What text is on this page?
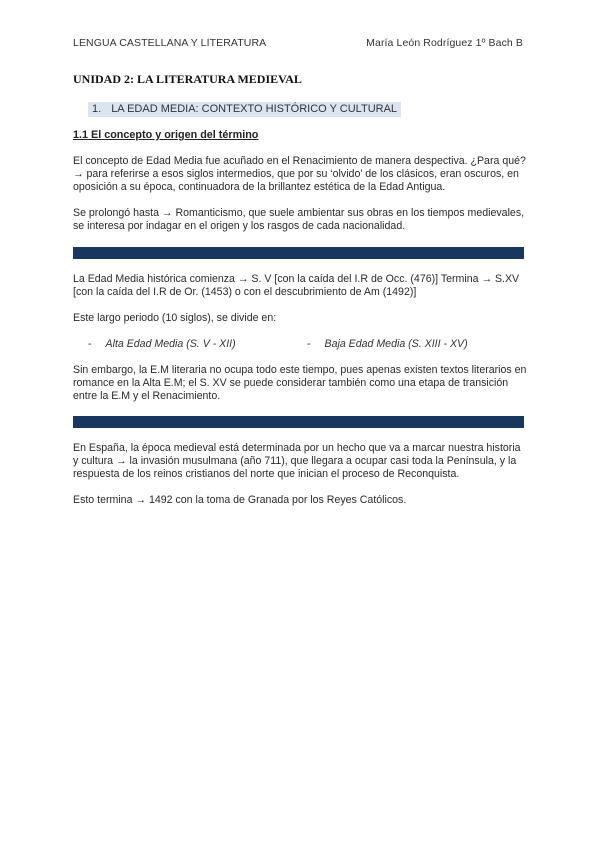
LENGUA CASTELLANA Y LITERATURA	María León Rodríguez 1º Bach B
UNIDAD 2: LA LITERATURA MEDIEVAL
1. LA EDAD MEDIA: CONTEXTO HISTÓRICO Y CULTURAL
1.1 El concepto y origen del término
El concepto de Edad Media fue acuñado en el Renacimiento de manera despectiva. ¿Para qué? → para referirse a esos siglos intermedios, que por su ‘olvido’ de los clásicos, eran oscuros, en oposición a su época, continuadora de la brillantez estética de la Edad Antigua.
Se prolongó hasta → Romanticismo, que suele ambientar sus obras en los tiempos medievales, se interesa por indagar en el origen y los rasgos de cada nacionalidad.
La Edad Media histórica comienza → S. V [con la caída del I.R de Occ. (476)] Termina → S.XV [con la caída del I.R de Or. (1453) o con el descubrimiento de Am (1492)]
Este largo periodo (10 siglos), se divide en:
- Alta Edad Media (S. V - XII)	- Baja Edad Media (S. XIII - XV)
Sin embargo, la E.M literaria no ocupa todo este tiempo, pues apenas existen textos literarios en romance en la Alta E.M; el S. XV se puede considerar también como una etapa de transición entre la E.M y el Renacimiento.
En España, la época medieval está determinada por un hecho que va a marcar nuestra historia y cultura → la invasión musulmana (año 711), que llegara a ocupar casi toda la Península, y la respuesta de los reinos cristianos del norte que inician el proceso de Reconquista.
Esto termina → 1492 con la toma de Granada por los Reyes Católicos.
